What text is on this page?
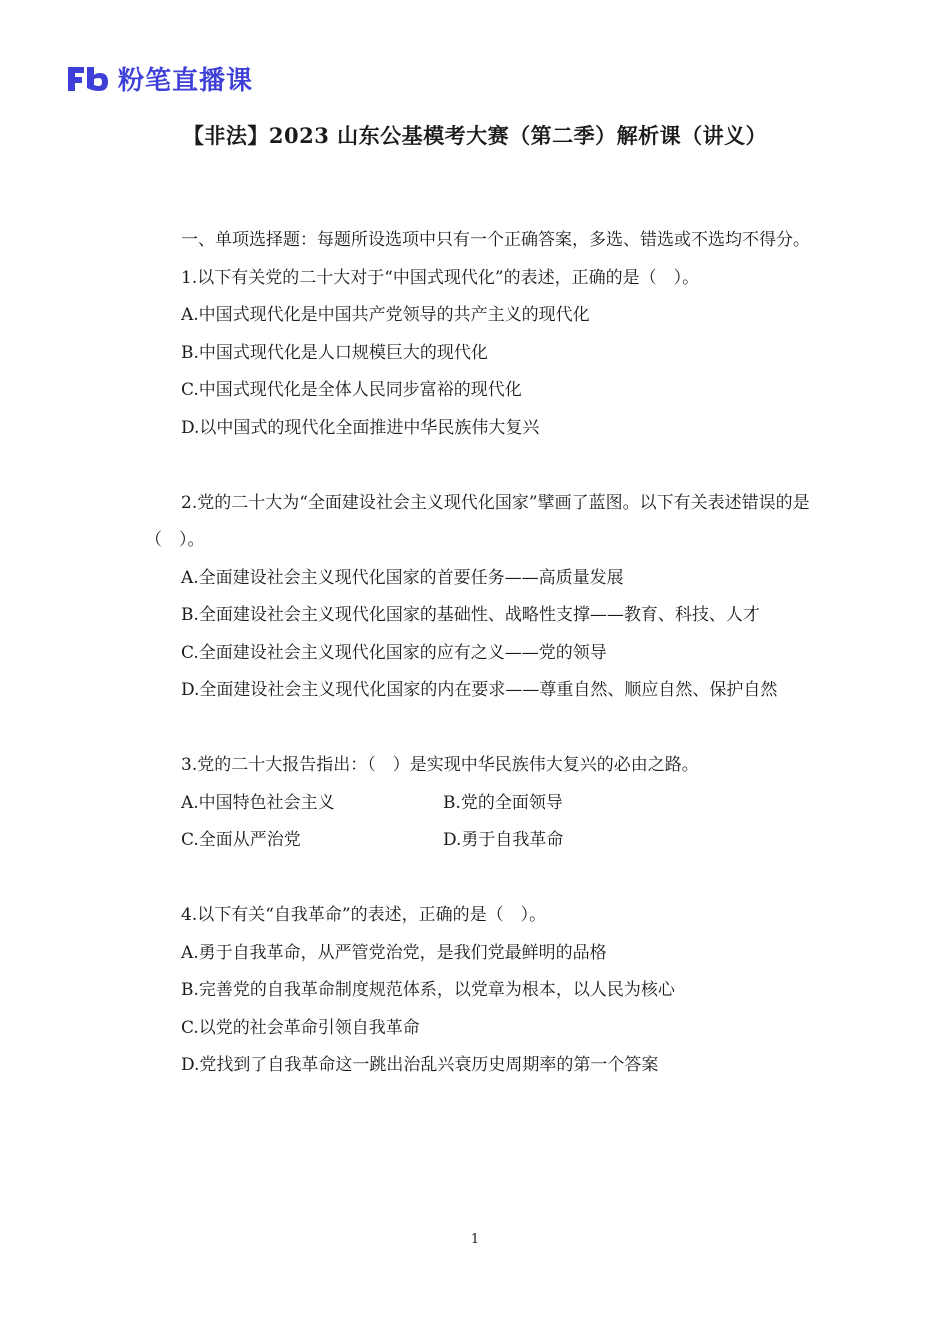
粉笔直播课
【非法】2023 山东公基模考大赛（第二季）解析课（讲义）

一、单项选择题：每题所设选项中只有一个正确答案，多选、错选或不选均不得分。

1.以下有关党的二十大对于“中国式现代化”的表述，正确的是（　）。

A.中国式现代化是中国共产党领导的共产主义的现代化

B.中国式现代化是人口规模巨大的现代化

C.中国式现代化是全体人民同步富裕的现代化

D.以中国式的现代化全面推进中华民族伟大复兴

2.党的二十大为“全面建设社会主义现代化国家”擘画了蓝图。以下有关表述错误的是（　）。

A.全面建设社会主义现代化国家的首要任务——高质量发展

B.全面建设社会主义现代化国家的基础性、战略性支撑——教育、科技、人才

C.全面建设社会主义现代化国家的应有之义——党的领导

D.全面建设社会主义现代化国家的内在要求——尊重自然、顺应自然、保护自然

3.党的二十大报告指出：（　）是实现中华民族伟大复兴的必由之路。

A.中国特色社会主义	B.党的全面领导
C.全面从严治党	D.勇于自我革命

4.以下有关“自我革命”的表述，正确的是（　）。

A.勇于自我革命，从严管党治党，是我们党最鲜明的品格

B.完善党的自我革命制度规范体系，以党章为根本，以人民为核心

C.以党的社会革命引领自我革命

D.党找到了自我革命这一跳出治乱兴衰历史周期率的第一个答案

1
